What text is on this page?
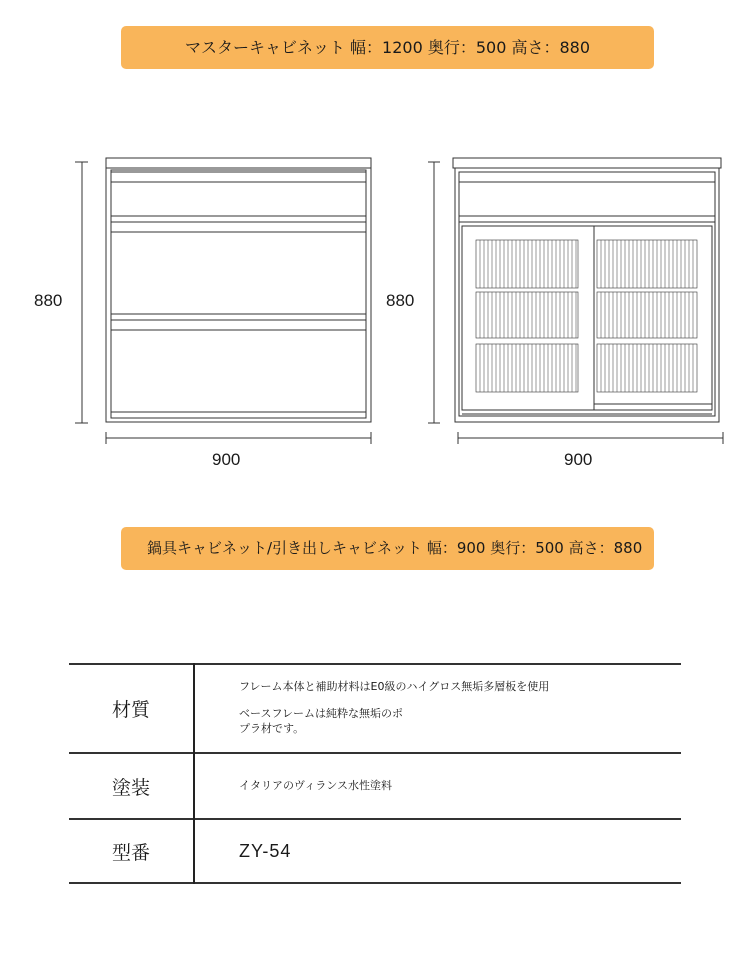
マスターキャビネット 幅：1200 奥行：500 高さ：880
880
900
880
900
鍋具キャビネット/引き出しキャビネット 幅：900 奥行：500 高さ：880
材質	フレーム本体と補助材料はE0級のハイグロス無垢多層板を使用
ベースフレームは純粋な無垢のポ
プラ材です。

塗装	イタリアのヴィランス水性塗料
型番	ZY-54
